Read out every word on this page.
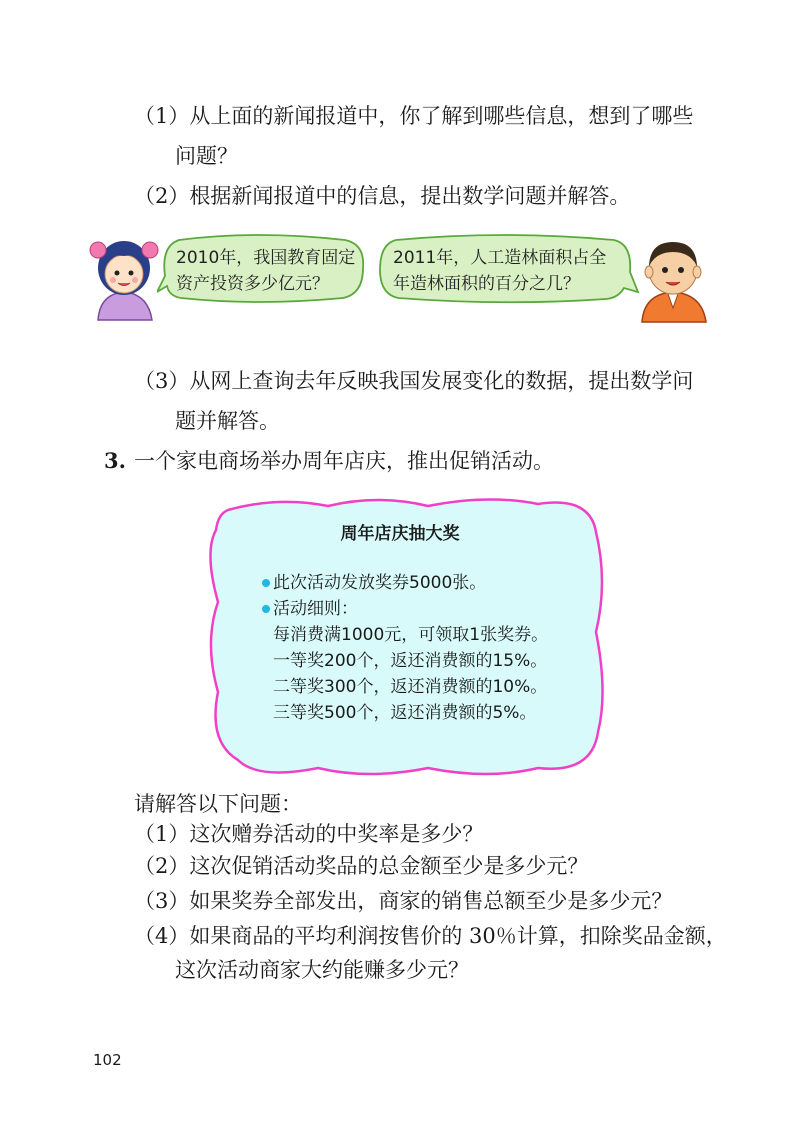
（1）从上面的新闻报道中，你了解到哪些信息，想到了哪些
问题？
（2）根据新闻报道中的信息，提出数学问题并解答。
2010年，我国教育固定
资产投资多少亿元？
2011年，人工造林面积占全
年造林面积的百分之几？
（3）从网上查询去年反映我国发展变化的数据，提出数学问
题并解答。
3. 一个家电商场举办周年店庆，推出促销活动。
周年店庆抽大奖
此次活动发放奖券5000张。
活动细则：
每消费满1000元，可领取1张奖券。
一等奖200个，返还消费额的15%。
二等奖300个，返还消费额的10%。
三等奖500个，返还消费额的5%。
请解答以下问题：
（1）这次赠券活动的中奖率是多少？
（2）这次促销活动奖品的总金额至少是多少元？
（3）如果奖券全部发出，商家的销售总额至少是多少元？
（4）如果商品的平均利润按售价的 30％计算，扣除奖品金额，
这次活动商家大约能赚多少元？
102
